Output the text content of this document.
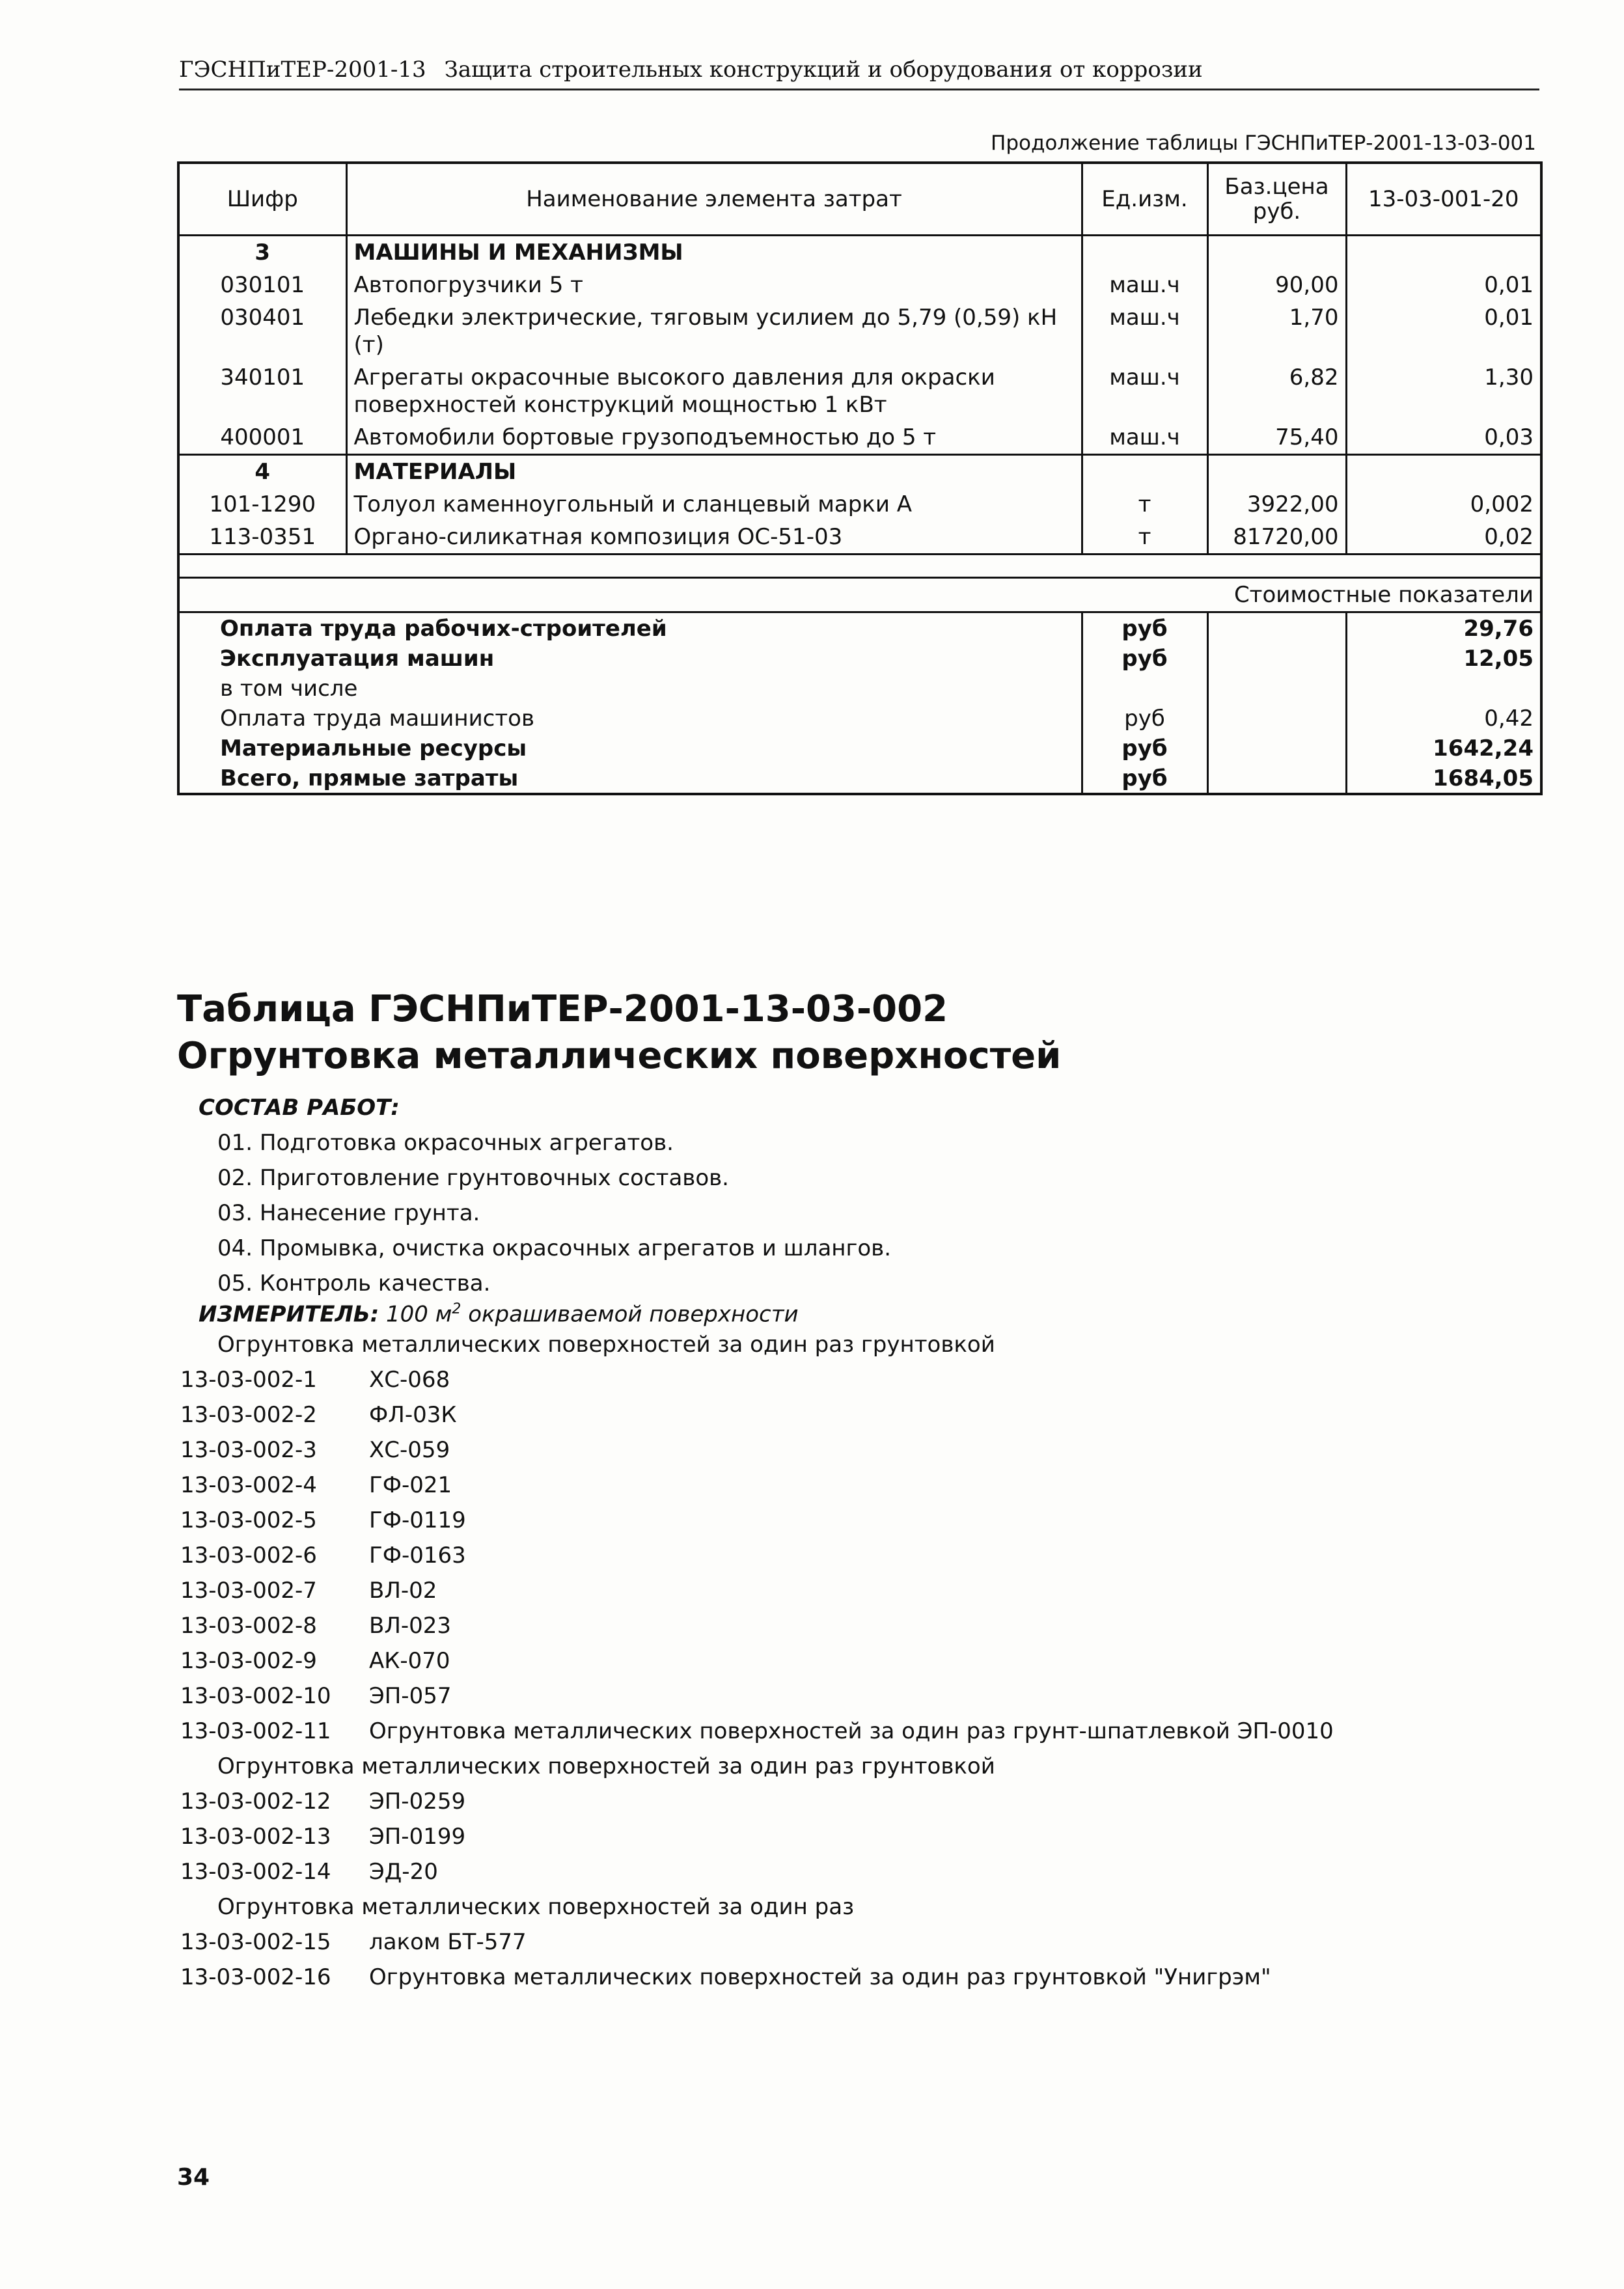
ГЭСНПиТЕР-2001-13 Защита строительных конструкций и оборудования от коррозии
Продолжение таблицы ГЭСНПиТЕР-2001-13-03-001
Шифр	Наименование элемента затрат	Ед.изм.	Баз.цена руб.	13-03-001-20
3	МАШИНЫ И МЕХАНИЗМЫ			
030101	Автопогрузчики 5 т	маш.ч	90,00	0,01
030401	Лебедки электрические, тяговым усилием до 5,79 (0,59) кН (т)	маш.ч	1,70	0,01
340101	Агрегаты окрасочные высокого давления для окраски поверхностей конструкций мощностью 1 кВт	маш.ч	6,82	1,30
400001	Автомобили бортовые грузоподъемностью до 5 т	маш.ч	75,40	0,03
4	МАТЕРИАЛЫ			
101-1290	Толуол каменноугольный и сланцевый марки А	т	3922,00	0,002
113-0351	Органо-силикатная композиция ОС-51-03	т	81720,00	0,02

Стоимостные показатели				
Оплата труда рабочих-строителей		руб		29,76
Эксплуатация машин		руб		12,05
в том числе				
Оплата труда машинистов		руб		0,42
Материальные ресурсы		руб		1642,24
Всего, прямые затраты		руб		1684,05
Таблица ГЭСНПиТЕР-2001-13-03-002
Огрунтовка металлических поверхностей
СОСТАВ РАБОТ:
01. Подготовка окрасочных агрегатов.
02. Приготовление грунтовочных составов.
03. Нанесение грунта.
04. Промывка, очистка окрасочных агрегатов и шлангов.
05. Контроль качества.
ИЗМЕРИТЕЛЬ: 100 $м^2$ окрашиваемой поверхности
Огрунтовка металлических поверхностей за один раз грунтовкой
13-03-002-1 ХС-068
13-03-002-2 ФЛ-03К
13-03-002-3 ХС-059
13-03-002-4 ГФ-021
13-03-002-5 ГФ-0119
13-03-002-6 ГФ-0163
13-03-002-7 ВЛ-02
13-03-002-8 ВЛ-023
13-03-002-9 АК-070
13-03-002-10 ЭП-057
13-03-002-11 Огрунтовка металлических поверхностей за один раз грунт-шпатлевкой ЭП-0010
Огрунтовка металлических поверхностей за один раз грунтовкой
13-03-002-12 ЭП-0259
13-03-002-13 ЭП-0199
13-03-002-14 ЭД-20
Огрунтовка металлических поверхностей за один раз
13-03-002-15 лаком БТ-577
13-03-002-16 Огрунтовка металлических поверхностей за один раз грунтовкой "Унигрэм"
34
